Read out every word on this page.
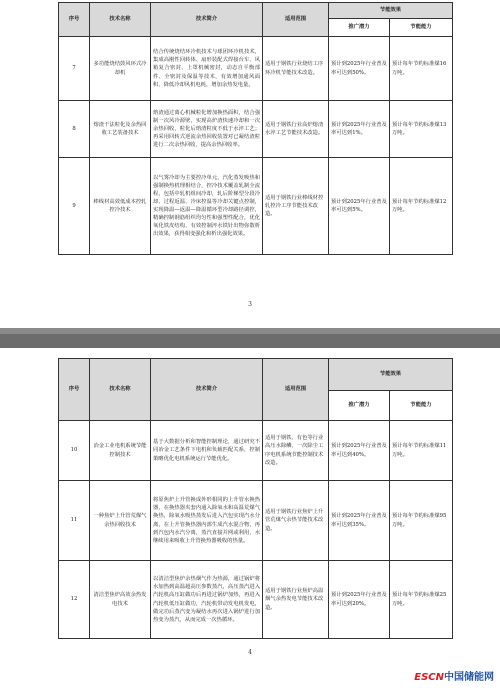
序号	技术名称	技术简介	适用范围	节能效果	
				推广潜力	节能能力
7	多功能烧结鼓风环式冷却机	结合传统烧结环冷机技术与球团环冷机技术，集成高刚性回转体、扇形装配式焊接台车、风箱复合密封、上罩机械密封，动态自平衡部件、全密封及保温等技术，有效增加通风面积、降低冷却风机电耗，增加余热发电量。	适用于钢铁行业烧结工序环冷机节能技术改造。	预计到2025年行业普及率可达到50%。	预计每年节约标准煤16万吨。
8	熔渣干法粒化及余热回收工艺装备技术	熔渣通过离心机械粒化增加换热面积，结合强制一次风冷源壁，实现高炉渣快速冷却和一次余热回收，粒化后熔渣粒度不低于水淬工艺；再采用回转式逆流余热回收装置对已凝结渣粒进行二次余热回收，提高余热回收率。	适用于钢铁行业高炉熔渣水淬工艺节能技术改造。	预计到2025年行业普及率可达到1%。	预计每年节约标准煤13万吨。
9	棒线材高效低成本控轧控冷技术	以气雾冷却为主要控冷单元，汽化蒸发吸热和强制换热机理相结合，控冷技术覆盖轧制全流程，包括中轧机组间冷却，轧后阶梯型分段冷却、过程返温、冷床控温等冷却关键点控制，实现降温—返温—降温循环型冷却路径调控，精确控制钢筋组织均匀性和强塑性配合，优化氧化铁皮结构、有效控制淬水铁针出物弥散析出效果，获得相变强化和析出强化效果。	适用于钢铁行业棒线材控轧控冷工序节能技术改造。	预计到2025年行业普及率可达到5%。	预计每年节约标准煤12万吨。
3
序号	技术名称	技术简介	适用范围	节能效果	
				推广潜力	节能能力
10	冶金工业电机系统节能控制技术	基于大数据分析和智能控制理论，通过研究不同冶金工艺条件下电机和负载匹配关系，控制策略优化电机系统运行节能优化。	适用于钢铁、有色等行业高压水除鳞、一次除尘工序电机系统节能控制技术改造。	预计到2025年行业普及率可达到40%。	预计每年节约标准煤11万吨。
11	一种焦炉上升管荒煤气余热回收技术	将原焦炉上升管换成外形相同的上升管水换热器，在换热器夹套内通入除氧水和高温荒煤气换热，除氧水吸热蒸发后进入汽包实现汽水分离，在上升管换热器内部生成汽水混合物，再到汽包内水汽分离，蒸汽直接并网或利用，水继续用来吸收上升管换热器吸收的热量。	适用于钢铁行业焦炉上升管荒煤气余热节能技术改造。	预计到2025年行业普及率可达到35%。	预计每年节约标准煤95万吨。
12	清洁型焦炉高效余热发电技术	以清洁型焦炉余热烟气作为热源，通过锅炉将水加热到高温超高压参数蒸汽，高压蒸汽进入汽轮机高压缸做功后再进过锅炉加热，再进入汽轮机低压缸做功，汽轮机带动发电机发电，做完功后蒸汽变为凝结水再次进入锅炉进行加热变为蒸汽，从而完成一次热循环。	适用于钢铁行业焦炉高温烟气余热发电节能技术改造。	预计到2025年行业普及率可达到20%。	预计每年节约标准煤25万吨。
4
ESCN中国储能网
